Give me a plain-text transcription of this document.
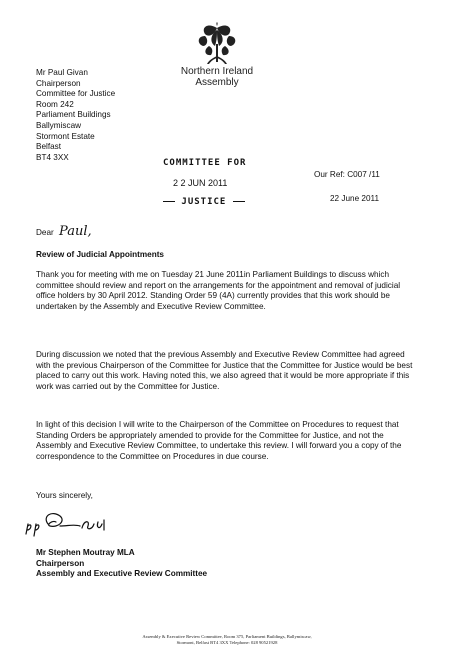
Mr Paul Givan
Chairperson
Committee for Justice
Room 242
Parliament Buildings
Ballymiscaw
Stormont Estate
Belfast
BT4 3XX
Northern Ireland
Assembly
COMMITTEE FOR
2 2 JUN 2011
JUSTICE
Our Ref: C007 /11
22 June 2011
Dear Paul,
Review of Judicial Appointments
Thank you for meeting with me on Tuesday 21 June 2011in Parliament Buildings to discuss which committee should review and report on the arrangements for the appointment and removal of judicial office holders by 30 April 2012. Standing Order 59 (4A) currently provides that this work should be undertaken by the Assembly and Executive Review Committee.
During discussion we noted that the previous Assembly and Executive Review Committee had agreed with the previous Chairperson of the Committee for Justice that the Committee for Justice would be best placed to carry out this work. Having noted this, we also agreed that it would be more appropriate if this work was carried out by the Committee for Justice.
In light of this decision I will write to the Chairperson of the Committee on Procedures to request that Standing Orders be appropriately amended to provide for the Committee for Justice, and not the Assembly and Executive Review Committee, to undertake this review. I will forward you a copy of the correspondence to the Committee on Procedures in due course.
Yours sincerely,
Mr Stephen Moutray MLA
Chairperson
Assembly and Executive Review Committee
Assembly & Executive Review Committee, Room 375, Parliament Buildings, Ballymiscaw,
Stormont, Belfast BT4 3XX Telephone: 028 90521928
